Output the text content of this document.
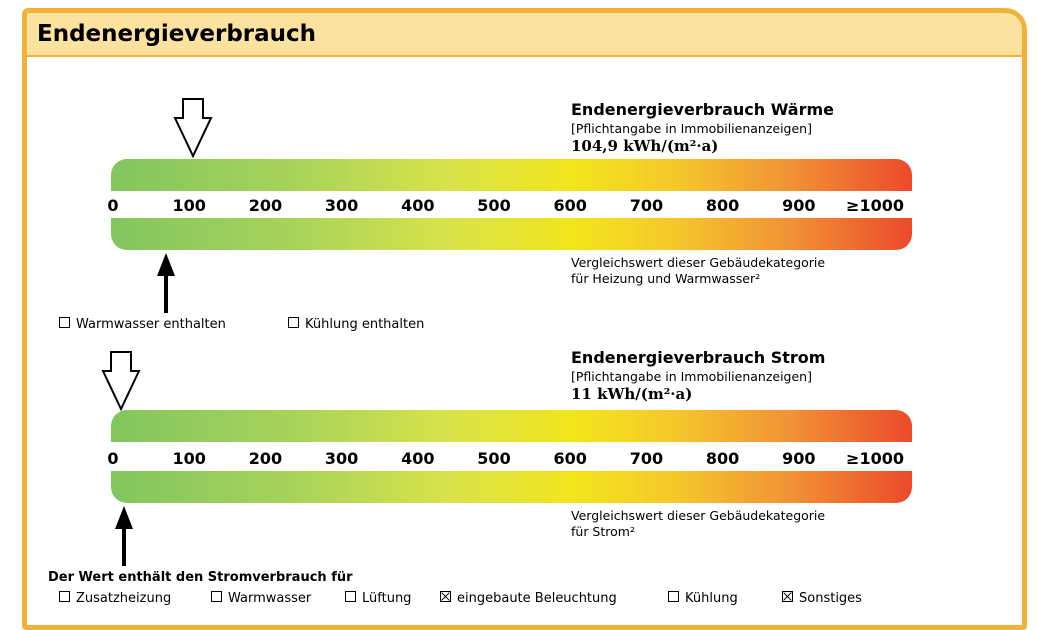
Endenergieverbrauch
Endenergieverbrauch Wärme
[Pflichtangabe in Immobilienanzeigen]
104,9 kWh/(m²·a)
0	100	200	300	400	500	600	700	800	900 ≥1000
Vergleichswert dieser Gebäudekategorie
für Heizung und Warmwasser²
Warmwasser enthalten	Kühlung enthalten
Endenergieverbrauch Strom
[Pflichtangabe in Immobilienanzeigen]
11 kWh/(m²·a)
0	100	200	300	400	500	600	700	800	900 ≥1000
Vergleichswert dieser Gebäudekategorie
für Strom²
Der Wert enthält den Stromverbrauch für
Zusatzheizung	Warmwasser	Lüftung	eingebaute Beleuchtung	Kühlung	Sonstiges
